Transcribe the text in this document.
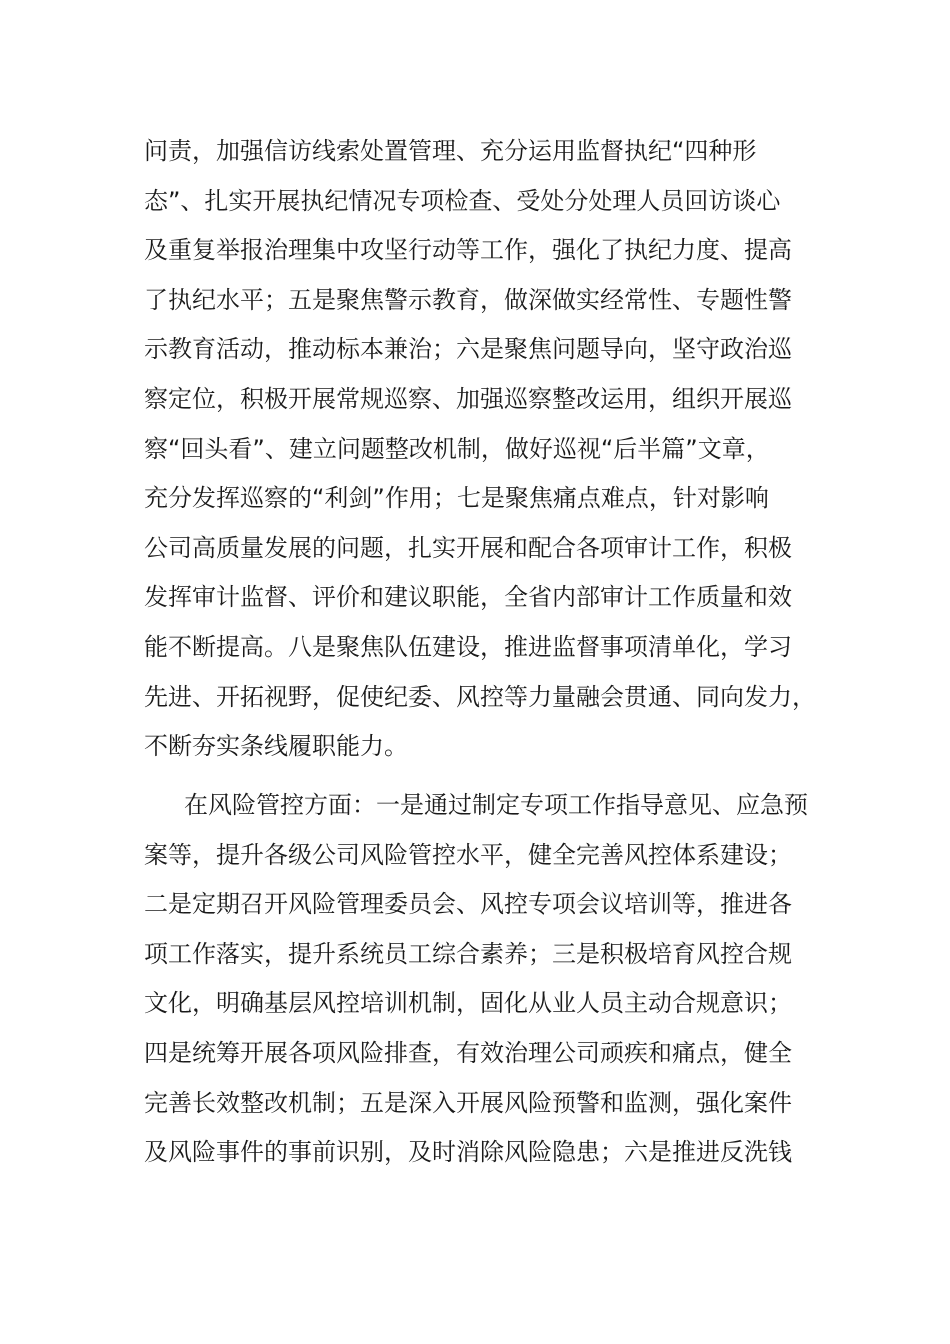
问责，加强信访线索处置管理、充分运用监督执纪“四种形
态”、扎实开展执纪情况专项检查、受处分处理人员回访谈心
及重复举报治理集中攻坚行动等工作，强化了执纪力度、提高
了执纪水平；五是聚焦警示教育，做深做实经常性、专题性警
示教育活动，推动标本兼治；六是聚焦问题导向，坚守政治巡
察定位，积极开展常规巡察、加强巡察整改运用，组织开展巡
察“回头看”、建立问题整改机制，做好巡视“后半篇”文章，
充分发挥巡察的“利剑”作用；七是聚焦痛点难点，针对影响
公司高质量发展的问题，扎实开展和配合各项审计工作，积极
发挥审计监督、评价和建议职能，全省内部审计工作质量和效
能不断提高。八是聚焦队伍建设，推进监督事项清单化，学习
先进、开拓视野，促使纪委、风控等力量融会贯通、同向发力，
不断夯实条线履职能力。
在风险管控方面：一是通过制定专项工作指导意见、应急预
案等，提升各级公司风险管控水平，健全完善风控体系建设；
二是定期召开风险管理委员会、风控专项会议培训等，推进各
项工作落实，提升系统员工综合素养；三是积极培育风控合规
文化，明确基层风控培训机制，固化从业人员主动合规意识；
四是统筹开展各项风险排查，有效治理公司顽疾和痛点，健全
完善长效整改机制；五是深入开展风险预警和监测，强化案件
及风险事件的事前识别，及时消除风险隐患；六是推进反洗钱
